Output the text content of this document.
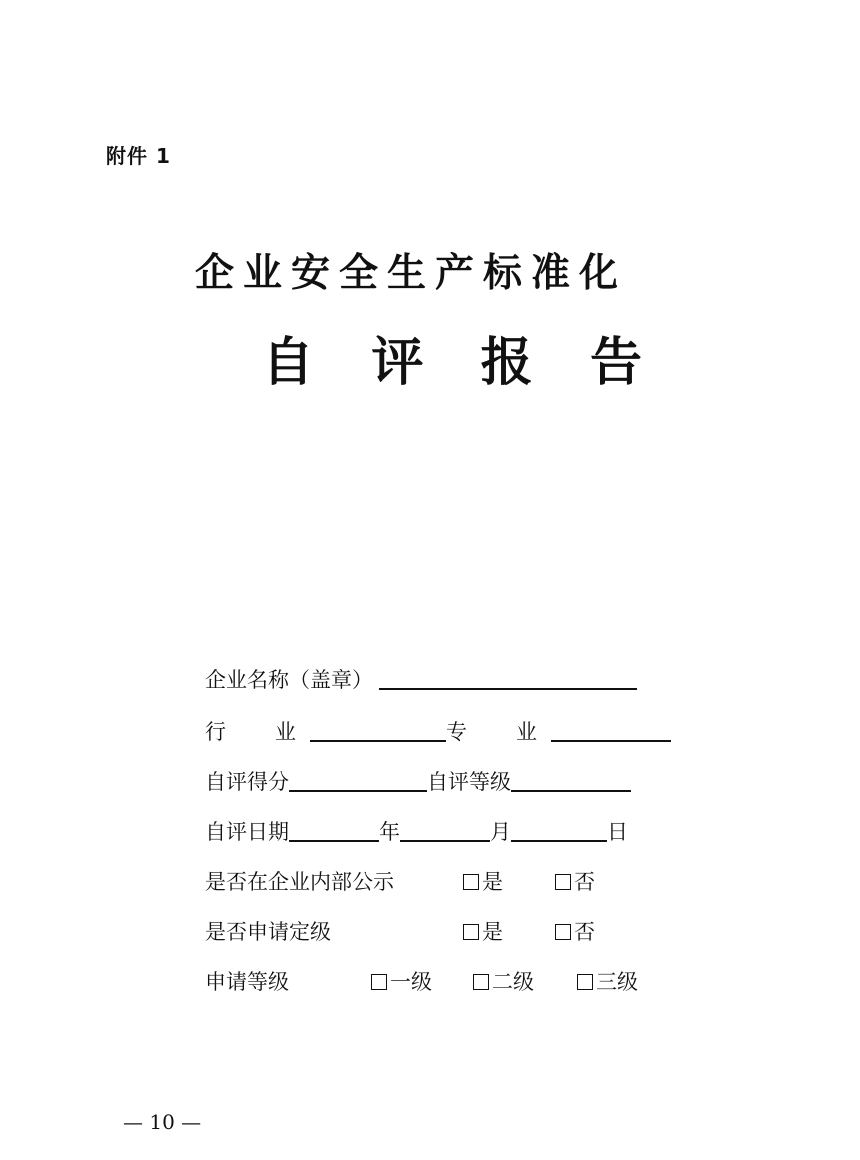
附件 1
企业安全生产标准化
自 评 报 告
企业名称（盖章）
行　业	专　业
自评得分	自评等级
自评日期	年	月	日
是否在企业内部公示	是	否
是否申请定级	是	否
申请等级	一级	二级	三级
— 10 —
